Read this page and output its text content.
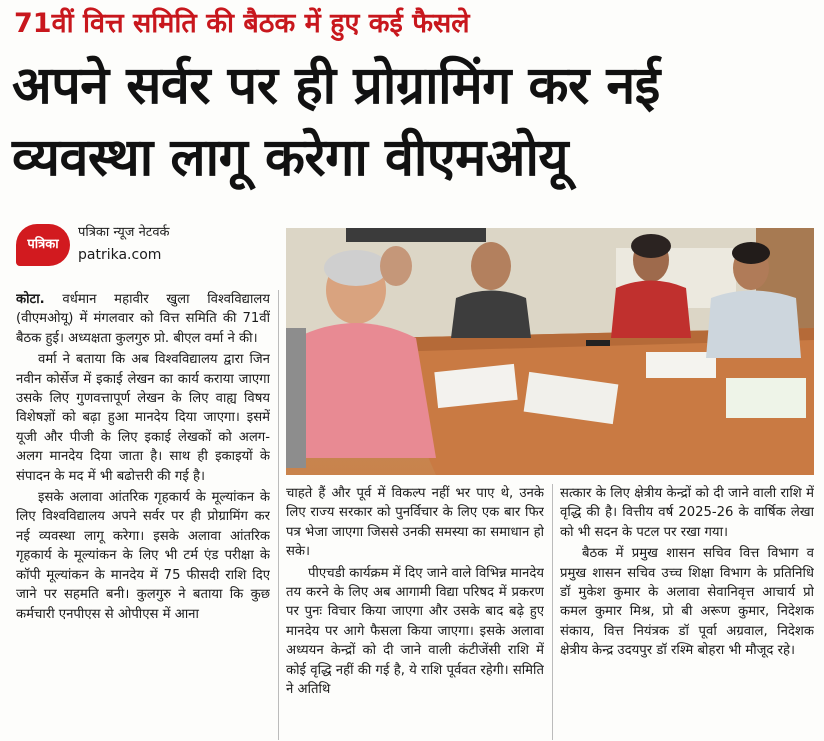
71वीं वित्त समिति की बैठक में हुए कई फैसले
अपने सर्वर पर ही प्रोग्रामिंग कर नई
व्यवस्था लागू करेगा वीएमओयू
पत्रिका
पत्रिका न्यूज नेटवर्क
patrika.com

कोटा. वर्धमान महावीर खुला विश्वविद्यालय (वीएमओयू) में मंगलवार को वित्त समिति की 71वीं बैठक हुई। अध्यक्षता कुलगुरु प्रो. बीएल वर्मा ने की।

वर्मा ने बताया कि अब विश्वविद्यालय द्वारा जिन नवीन कोर्सेज में इकाई लेखन का कार्य कराया जाएगा उसके लिए गुणवत्तापूर्ण लेखन के लिए वाह्य विषय विशेषज्ञों को बढ़ा हुआ मानदेय दिया जाएगा। इसमें यूजी और पीजी के लिए इकाई लेखकों को अलग-अलग मानदेय दिया जाता है। साथ ही इकाइयों के संपादन के मद में भी बढोत्तरी की गई है।

इसके अलावा आंतरिक गृहकार्य के मूल्यांकन के लिए विश्वविद्यालय अपने सर्वर पर ही प्रोग्रामिंग कर नई व्यवस्था लागू करेगा। इसके अलावा आंतरिक गृहकार्य के मूल्यांकन के लिए भी टर्म एंड परीक्षा के कॉपी मूल्यांकन के मानदेय में 75 फीसदी राशि दिए जाने पर सहमति बनी। कुलगुरु ने बताया कि कुछ कर्मचारी एनपीएस से ओपीएस में आना

चाहते हैं और पूर्व में विकल्प नहीं भर पाए थे, उनके लिए राज्य सरकार को पुनर्विचार के लिए एक बार फिर पत्र भेजा जाएगा जिससे उनकी समस्या का समाधान हो सके।

पीएचडी कार्यक्रम में दिए जाने वाले विभिन्न मानदेय तय करने के लिए अब आगामी विद्या परिषद में प्रकरण पर पुनः विचार किया जाएगा और उसके बाद बढ़े हुए मानदेय पर आगे फैसला किया जाएगा। इसके अलावा अध्ययन केन्द्रों को दी जाने वाली कंटीजेंसी राशि में कोई वृद्धि नहीं की गई है, ये राशि पूर्ववत रहेगी। समिति ने अतिथि

सत्कार के लिए क्षेत्रीय केन्द्रों को दी जाने वाली राशि में वृद्धि की है। वित्तीय वर्ष 2025-26 के वार्षिक लेखा को भी सदन के पटल पर रखा गया।

बैठक में प्रमुख शासन सचिव वित्त विभाग व प्रमुख शासन सचिव उच्च शिक्षा विभाग के प्रतिनिधि डॉ मुकेश कुमार के अलावा सेवानिवृत्त आचार्य प्रो कमल कुमार मिश्र, प्रो बी अरूण कुमार, निदेशक संकाय, वित्त नियंत्रक डॉ पूर्वा अग्रवाल, निदेशक क्षेत्रीय केन्द्र उदयपुर डॉ रश्मि बोहरा भी मौजूद रहे।
